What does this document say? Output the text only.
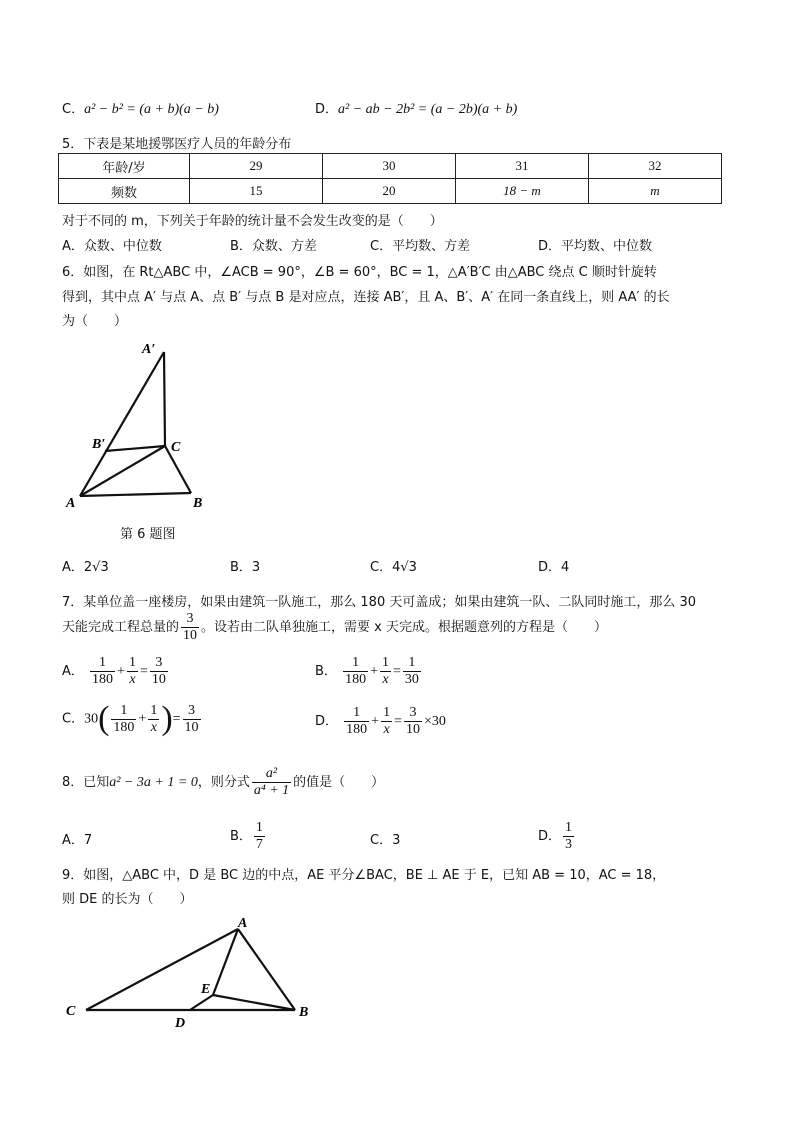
C．a² − b² = (a + b)(a − b)	D．a² − ab − 2b² = (a − 2b)(a + b)
5．下表是某地援鄂医疗人员的年龄分布
年龄/岁	29	30	31	32
频数	15	20	18 − m	m
对于不同的 m，下列关于年龄的统计量不会发生改变的是（　　）
A．众数、中位数	B．众数、方差	C．平均数、方差	D．平均数、中位数
6．如图，在 Rt△ABC 中，∠ACB = 90°，∠B = 60°，BC = 1，△A′B′C 由△ABC 绕点 C 顺时针旋转
得到，其中点 A′ 与点 A、点 B′ 与点 B 是对应点，连接 AB′，且 A、B′、A′ 在同一条直线上，则 AA′ 的长
为（　　）
A′
B′	C
A	B
第 6 题图
A．2√3	B．3	C．4√3	D．4
7．某单位盖一座楼房，如果由建筑一队施工，那么 180 天可盖成；如果由建筑一队、二队同时施工，那么 30
天能完成工程总量的 $\frac{3}{10}$ 。设若由二队单独施工，需要 x 天完成。根据题意列的方程是（　　）
A． $\frac{1}{180} + \frac{1}{x} = \frac{3}{10}$	B． $\frac{1}{180} + \frac{1}{x} = \frac{1}{30}$
C．$30( \frac{1}{180} + \frac{1}{x}$ )= $\frac{3}{10}$	D． $\frac{1}{180} + \frac{1}{x} = \frac{3}{10} \times 30$
8．已知a² − 3a + 1 = 0，则分式 $\frac{\text{a²}}{\text{a⁴ + 1}}$ 的值是（　　）
A．7	B． $\frac{1}{7}$	C．3	D． $\frac{1}{3}$
9．如图，△ABC 中，D 是 BC 边的中点，AE 平分∠BAC，BE ⊥ AE 于 E，已知 AB = 10，AC = 18，
则 DE 的长为（　　）
A
B
C
D
E
